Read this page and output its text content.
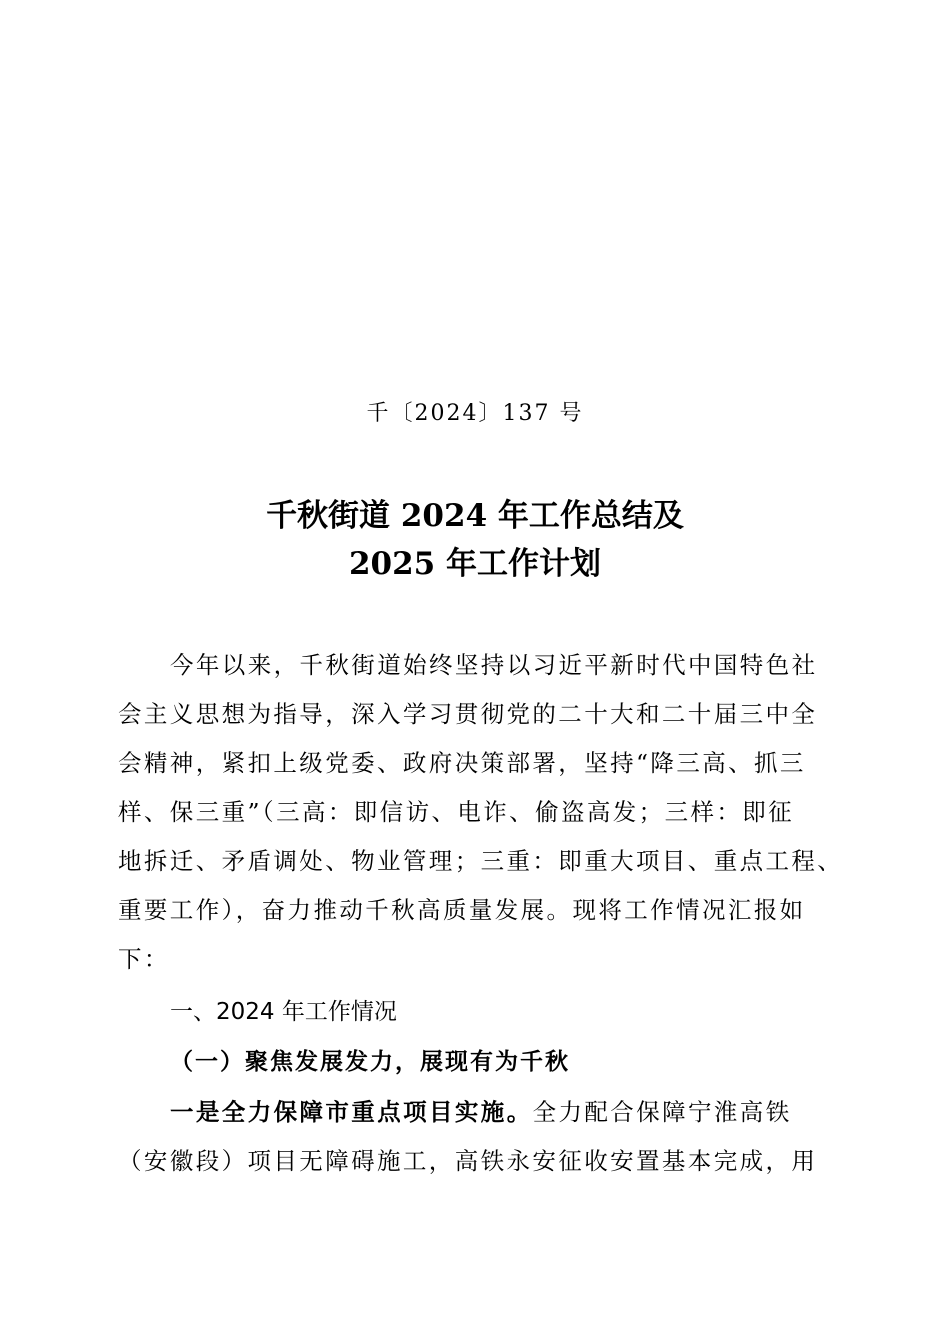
千〔2024〕137 号
千秋街道 2024 年工作总结及
2025 年工作计划
今年以来，千秋街道始终坚持以习近平新时代中国特色社
会主义思想为指导，深入学习贯彻党的二十大和二十届三中全
会精神，紧扣上级党委、政府决策部署，坚持“降三高、抓三
样、保三重”（三高：即信访、电诈、偷盗高发；三样：即征
地拆迁、矛盾调处、物业管理；三重：即重大项目、重点工程、
重要工作），奋力推动千秋高质量发展。现将工作情况汇报如
下：
一、2024 年工作情况
（一）聚焦发展发力，展现有为千秋
一是全力保障市重点项目实施。全力配合保障宁淮高铁
（安徽段）项目无障碍施工，高铁永安征收安置基本完成，用
